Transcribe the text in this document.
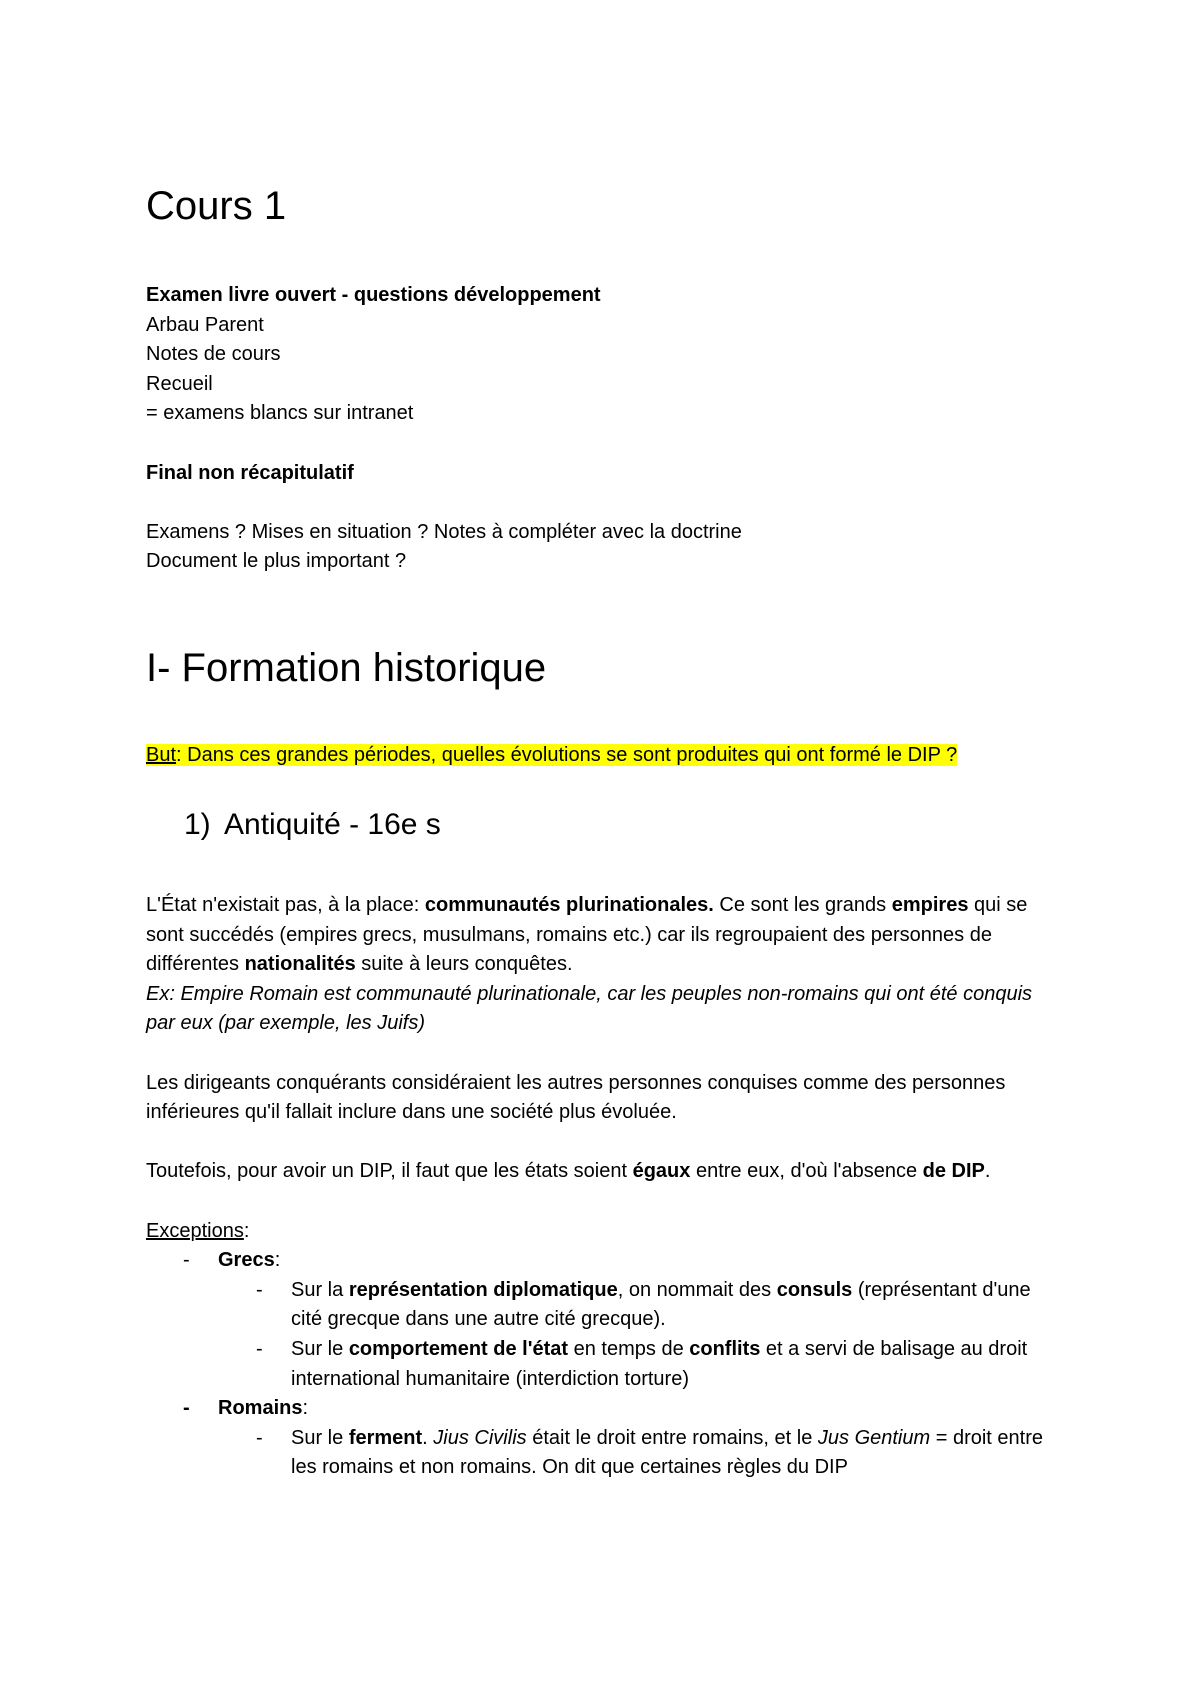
Cours 1

Examen livre ouvert - questions développement

Arbau Parent

Notes de cours

Recueil

= examens blancs sur intranet

Final non récapitulatif

Examens ? Mises en situation ? Notes à compléter avec la doctrine

Document le plus important ?

I- Formation historique

But: Dans ces grandes périodes, quelles évolutions se sont produites qui ont formé le DIP ?

1) Antiquité - 16e s

L'État n'existait pas, à la place: communautés plurinationales. Ce sont les grands empires qui se sont succédés (empires grecs, musulmans, romains etc.) car ils regroupaient des personnes de différentes nationalités suite à leurs conquêtes.

Ex: Empire Romain est communauté plurinationale, car les peuples non-romains qui ont été conquis par eux (par exemple, les Juifs)

Les dirigeants conquérants considéraient les autres personnes conquises comme des personnes inférieures qu'il fallait inclure dans une société plus évoluée.

Toutefois, pour avoir un DIP, il faut que les états soient égaux entre eux, d'où l'absence de DIP.

Exceptions:

- Grecs:
- Sur la représentation diplomatique, on nommait des consuls (représentant d'une cité grecque dans une autre cité grecque).
- Sur le comportement de l'état en temps de conflits et a servi de balisage au droit international humanitaire (interdiction torture)
- Romains:
- Sur le ferment. Jius Civilis était le droit entre romains, et le Jus Gentium = droit entre les romains et non romains. On dit que certaines règles du DIP
